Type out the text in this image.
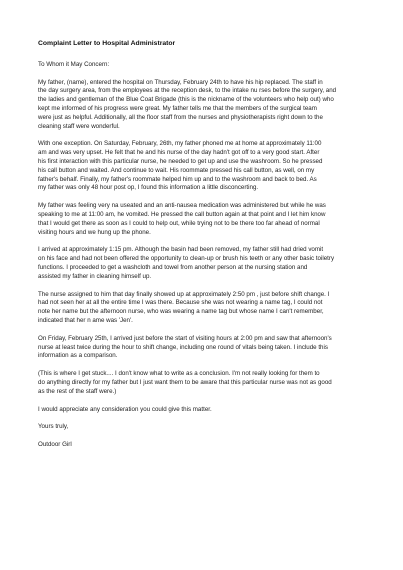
Complaint Letter to Hospital Administrator
To Whom it May Concern:
My father, (name), entered the hospital on Thursday, February 24th to have his hip replaced. The staff in
the day surgery area, from the employees at the reception desk, to the intake nu rses before the surgery, and
the ladies and gentleman of the Blue Coat Brigade (this is the nickname of the volunteers who help out) who
kept me informed of his progress were great. My father tells me that the members of the surgical team
were just as helpful. Additionally, all the floor staff from the nurses and physiotherapists right down to the
cleaning staff were wonderful.
With one exception. On Saturday, February, 26th, my father phoned me at home at approximately 11:00
am and was very upset. He felt that he and his nurse of the day hadn't got off to a very good start. After
his first interaction with this particular nurse, he needed to get up and use the washroom. So he pressed
his call button and waited. And continue to wait. His roommate pressed his call button, as well, on my
father's behalf. Finally, my father's roommate helped him up and to the washroom and back to bed. As
my father was only 48 hour post op, I found this information a little disconcerting.
My father was feeling very na useated and an anti-nausea medication was administered but while he was
speaking to me at 11:00 am, he vomited. He pressed the call button again at that point and I let him know
that I would get there as soon as I could to help out, while trying not to be there too far ahead of normal
visiting hours and we hung up the phone.
I arrived at approximately 1:15 pm. Although the basin had been removed, my father still had dried vomit
on his face and had not been offered the opportunity to clean-up or brush his teeth or any other basic toiletry
functions. I proceeded to get a washcloth and towel from another person at the nursing station and
assisted my father in cleaning himself up.
The nurse assigned to him that day finally showed up at approximately 2:50 pm , just before shift change. I
had not seen her at all the entire time I was there. Because she was not wearing a name tag, I could not
note her name but the afternoon nurse, who was wearing a name tag but whose name I can't remember,
indicated that her n ame was 'Jen'.
On Friday, February 25th, I arrived just before the start of visiting hours at 2:00 pm and saw that afternoon's
nurse at least twice during the hour to shift change, including one round of vitals being taken. I include this
information as a comparison.
(This is where I get stuck.... I don't know what to write as a conclusion. I'm not really looking for them to
do anything directly for my father but I just want them to be aware that this particular nurse was not as good
as the rest of the staff were.)
I would appreciate any consideration you could give this matter.
Yours truly,
Outdoor Girl
